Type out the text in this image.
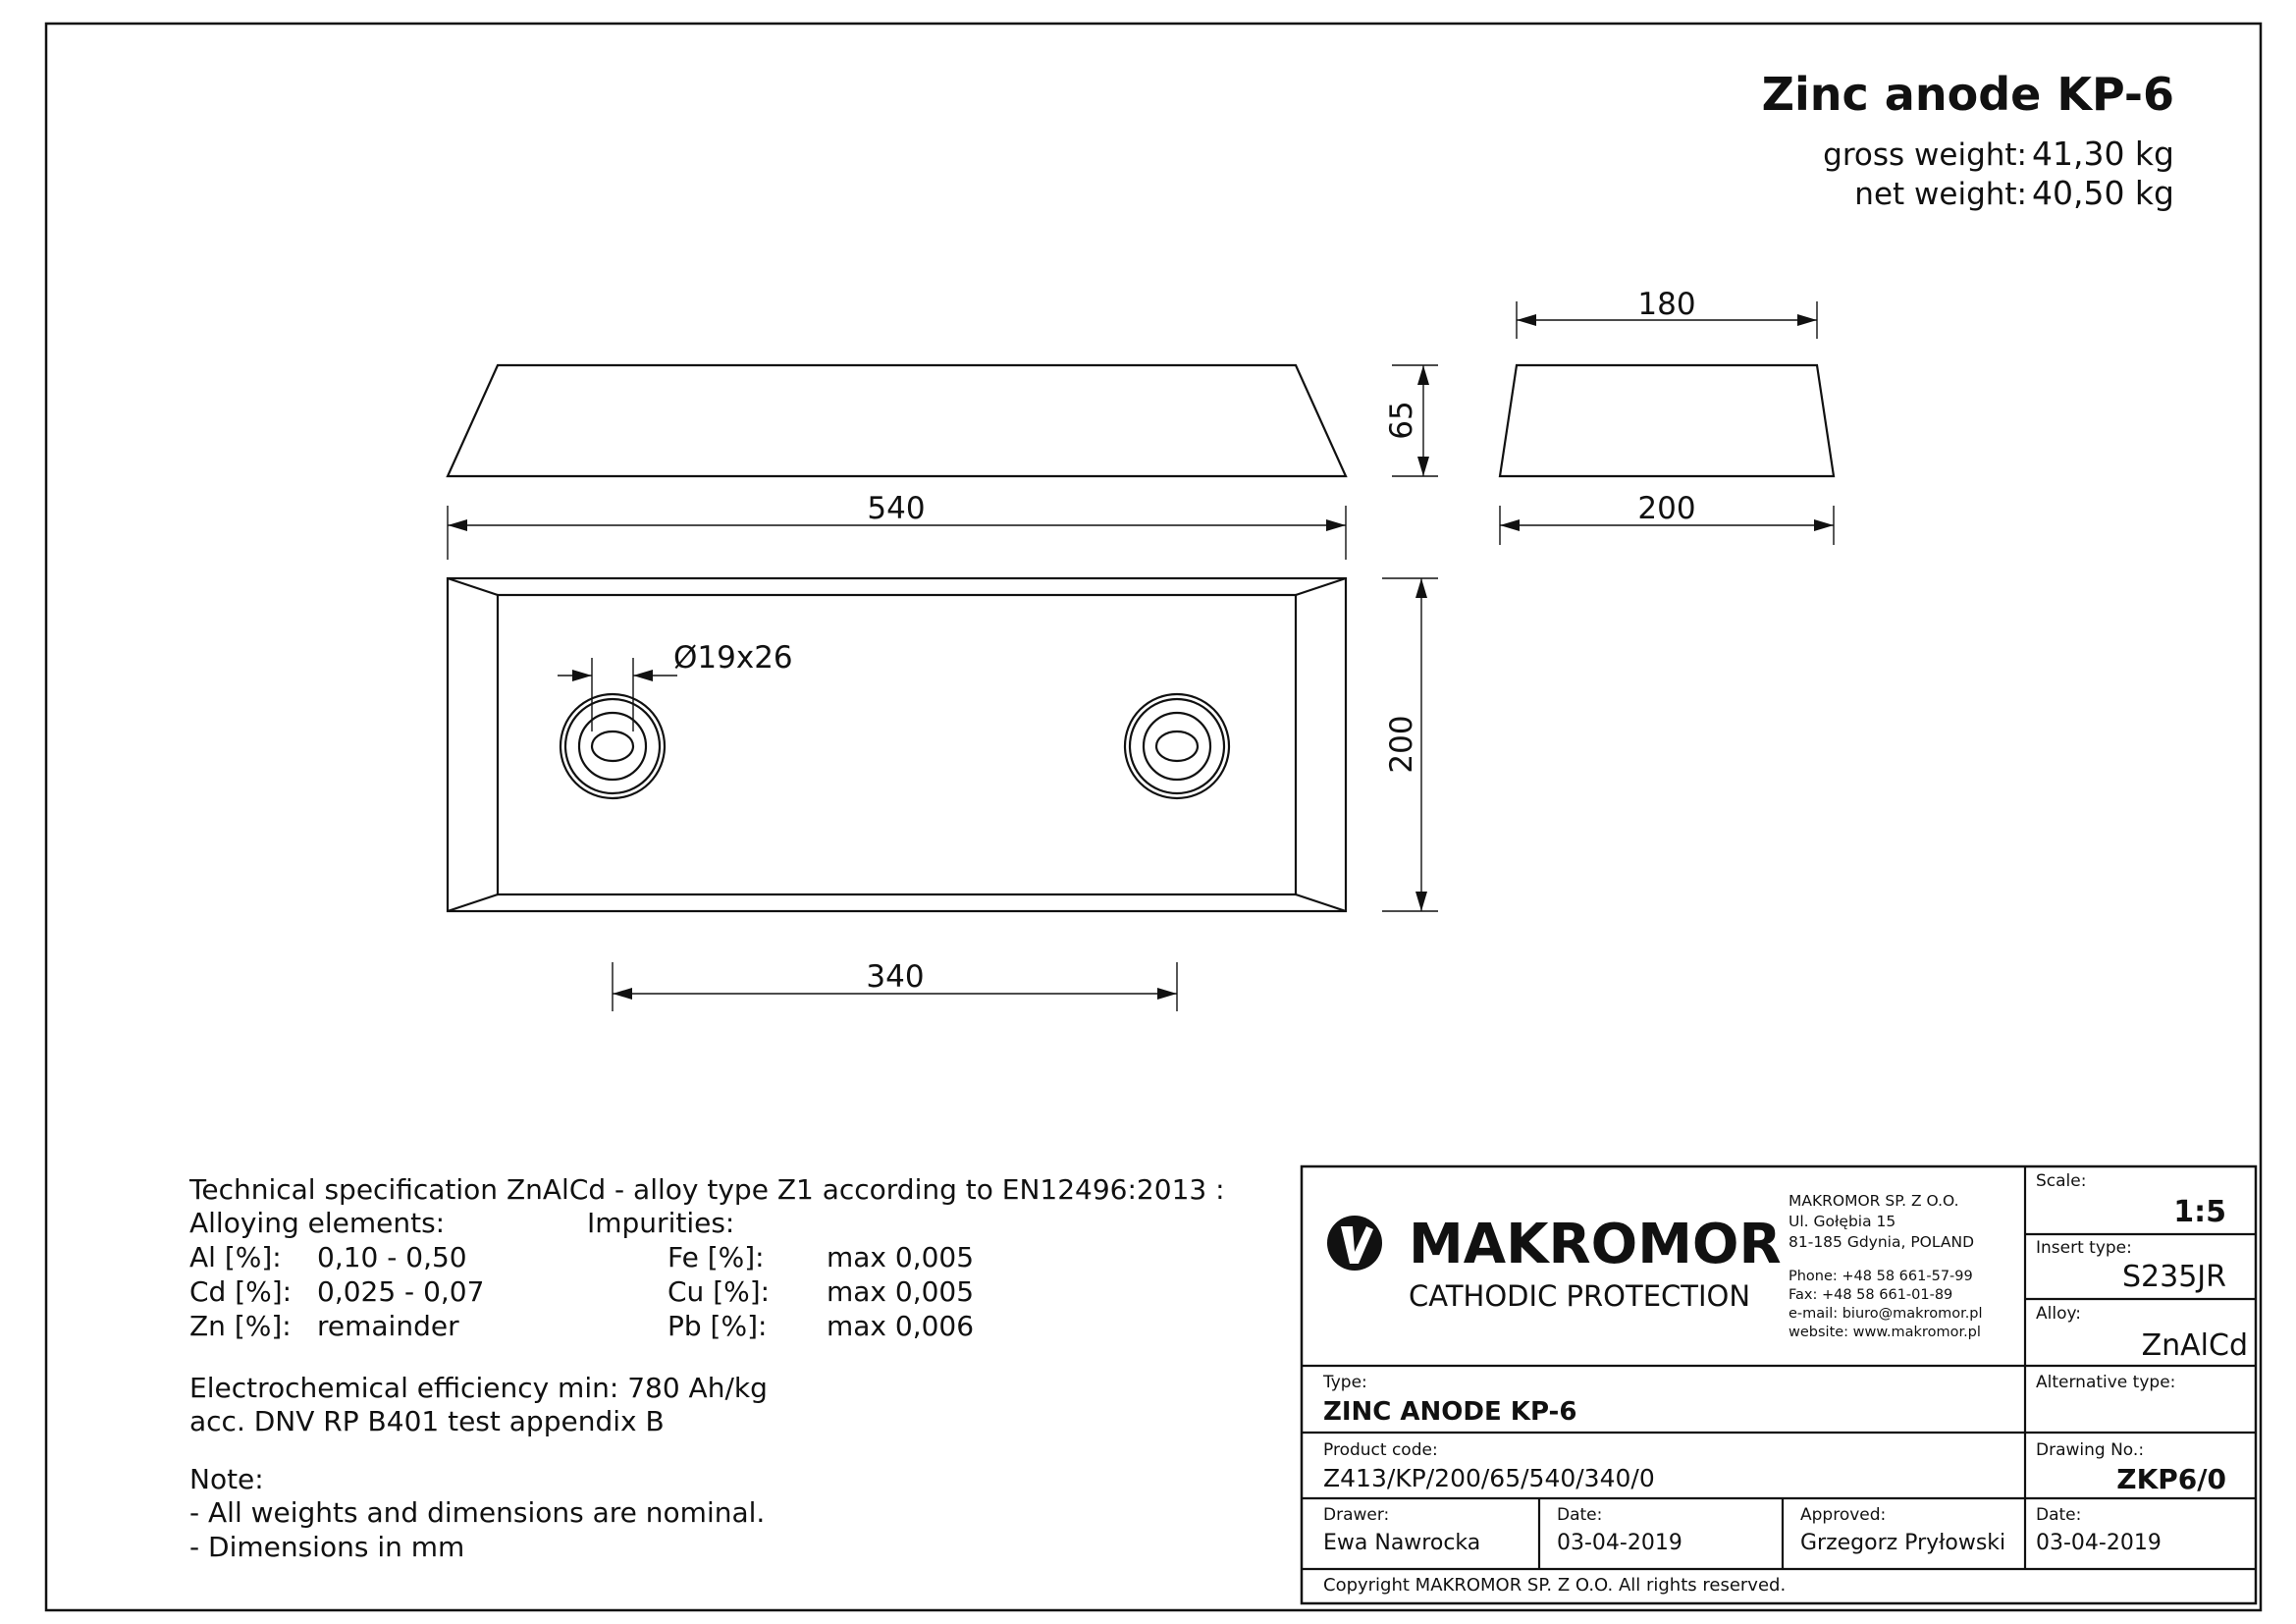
Zinc anode KP-6
gross weight: 41,30 kg
net weight: 40,50 kg
65
540
180
200
Ø19x26
200
340
Technical specification ZnAlCd - alloy type Z1 according to EN12496:2013 :
Alloying elements:	Impurities:
Al [%]: 0,10 - 0,50
Cd [%]: 0,025 - 0,07
Zn [%]: remainder
Fe [%]: max 0,005
Cu [%]: max 0,005
Pb [%]: max 0,006
Electrochemical efficiency min: 780 Ah/kg
acc. DNV RP B401 test appendix B
Note:
- All weights and dimensions are nominal.
- Dimensions in mm
MAKROMOR
CATHODIC PROTECTION
MAKROMOR SP. Z O.O.
Ul. Gołębia 15
81-185 Gdynia, POLAND
Phone: +48 58 661-57-99
Fax: +48 58 661-01-89
e-mail: biuro@makromor.pl
website: www.makromor.pl
Scale:
1:5
Insert type:
S235JR
Alloy:
ZnAlCd
Alternative type:
Type:
ZINC ANODE KP-6
Product code:
Z413/KP/200/65/540/340/0
Drawing No.:
ZKP6/0
Drawer:
Ewa Nawrocka
Date:
03-04-2019
Approved:
Grzegorz Pryłowski
Date:
03-04-2019
Copyright MAKROMOR SP. Z O.O. All rights reserved.
